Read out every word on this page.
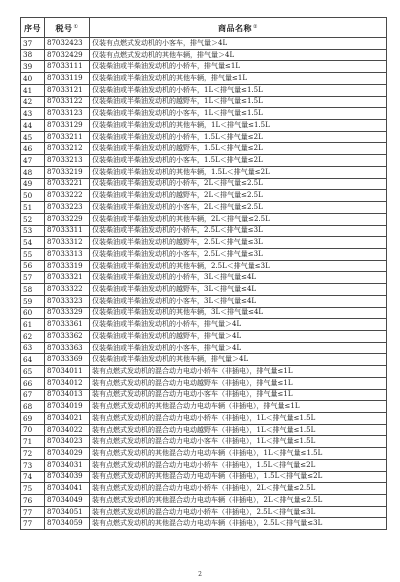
序号	税号①	商品名称②
37	87032423	仅装有点燃式发动机的小客车，排气量＞4L
38	87032429	仅装有点燃式发动机的其他车辆，排气量＞4L
39	87033111	仅装柴油或半柴油发动机的小轿车，排气量≤1L
40	87033119	仅装柴油或半柴油发动机的其他车辆，排气量≤1L
41	87033121	仅装柴油或半柴油发动机的小轿车，1L＜排气量≤1.5L
42	87033122	仅装柴油或半柴油发动机的越野车，1L＜排气量≤1.5L
43	87033123	仅装柴油或半柴油发动机的小客车，1L＜排气量≤1.5L
44	87033129	仅装柴油或半柴油发动机的其他车辆，1L＜排气量≤1.5L
45	87033211	仅装柴油或半柴油发动机的小轿车，1.5L＜排气量≤2L
46	87033212	仅装柴油或半柴油发动机的越野车，1.5L＜排气量≤2L
47	87033213	仅装柴油或半柴油发动机的小客车，1.5L＜排气量≤2L
48	87033219	仅装柴油或半柴油发动机的其他车辆，1.5L＜排气量≤2L
49	87033221	仅装柴油或半柴油发动机的小轿车，2L＜排气量≤2.5L
50	87033222	仅装柴油或半柴油发动机的越野车，2L＜排气量≤2.5L
51	87033223	仅装柴油或半柴油发动机的小客车，2L＜排气量≤2.5L
52	87033229	仅装柴油或半柴油发动机的其他车辆，2L＜排气量≤2.5L
53	87033311	仅装柴油或半柴油发动机的小轿车，2.5L＜排气量≤3L
54	87033312	仅装柴油或半柴油发动机的越野车，2.5L＜排气量≤3L
55	87033313	仅装柴油或半柴油发动机的小客车，2.5L＜排气量≤3L
56	87033319	仅装柴油或半柴油发动机的其他车辆，2.5L＜排气量≤3L
57	87033321	仅装柴油或半柴油发动机的小轿车，3L＜排气量≤4L
58	87033322	仅装柴油或半柴油发动机的越野车，3L＜排气量≤4L
59	87033323	仅装柴油或半柴油发动机的小客车，3L＜排气量≤4L
60	87033329	仅装柴油或半柴油发动机的其他车辆，3L＜排气量≤4L
61	87033361	仅装柴油或半柴油发动机的小轿车，排气量＞4L
62	87033362	仅装柴油或半柴油发动机的越野车，排气量＞4L
63	87033363	仅装柴油或半柴油发动机的小客车，排气量＞4L
64	87033369	仅装柴油或半柴油发动机的其他车辆，排气量＞4L
65	87034011	装有点燃式发动机的混合动力电动小轿车（非插电），排气量≤1L
66	87034012	装有点燃式发动机的混合动力电动越野车（非插电），排气量≤1L
67	87034013	装有点燃式发动机的混合动力电动小客车（非插电），排气量≤1L
68	87034019	装有点燃式发动机的其他混合动力电动车辆（非插电），排气量≤1L
69	87034021	装有点燃式发动机的混合动力电动小轿车（非插电），1L＜排气量≤1.5L
70	87034022	装有点燃式发动机的混合动力电动越野车（非插电），1L＜排气量≤1.5L
71	87034023	装有点燃式发动机的混合动力电动小客车（非插电），1L＜排气量≤1.5L
72	87034029	装有点燃式发动机的其他混合动力电动车辆（非插电），1L＜排气量≤1.5L
73	87034031	装有点燃式发动机的混合动力电动小轿车（非插电），1.5L＜排气量≤2L
74	87034039	装有点燃式发动机的其他混合动力电动车辆（非插电），1.5L＜排气量≤2L
75	87034041	装有点燃式发动机的混合动力电动小轿车（非插电），2L＜排气量≤2.5L
76	87034049	装有点燃式发动机的其他混合动力电动车辆（非插电），2L＜排气量≤2.5L
77	87034051	装有点燃式发动机的混合动力电动小轿车（非插电），2.5L＜排气量≤3L
77	87034059	装有点燃式发动机的其他混合动力电动车辆（非插电），2.5L＜排气量≤3L
2
